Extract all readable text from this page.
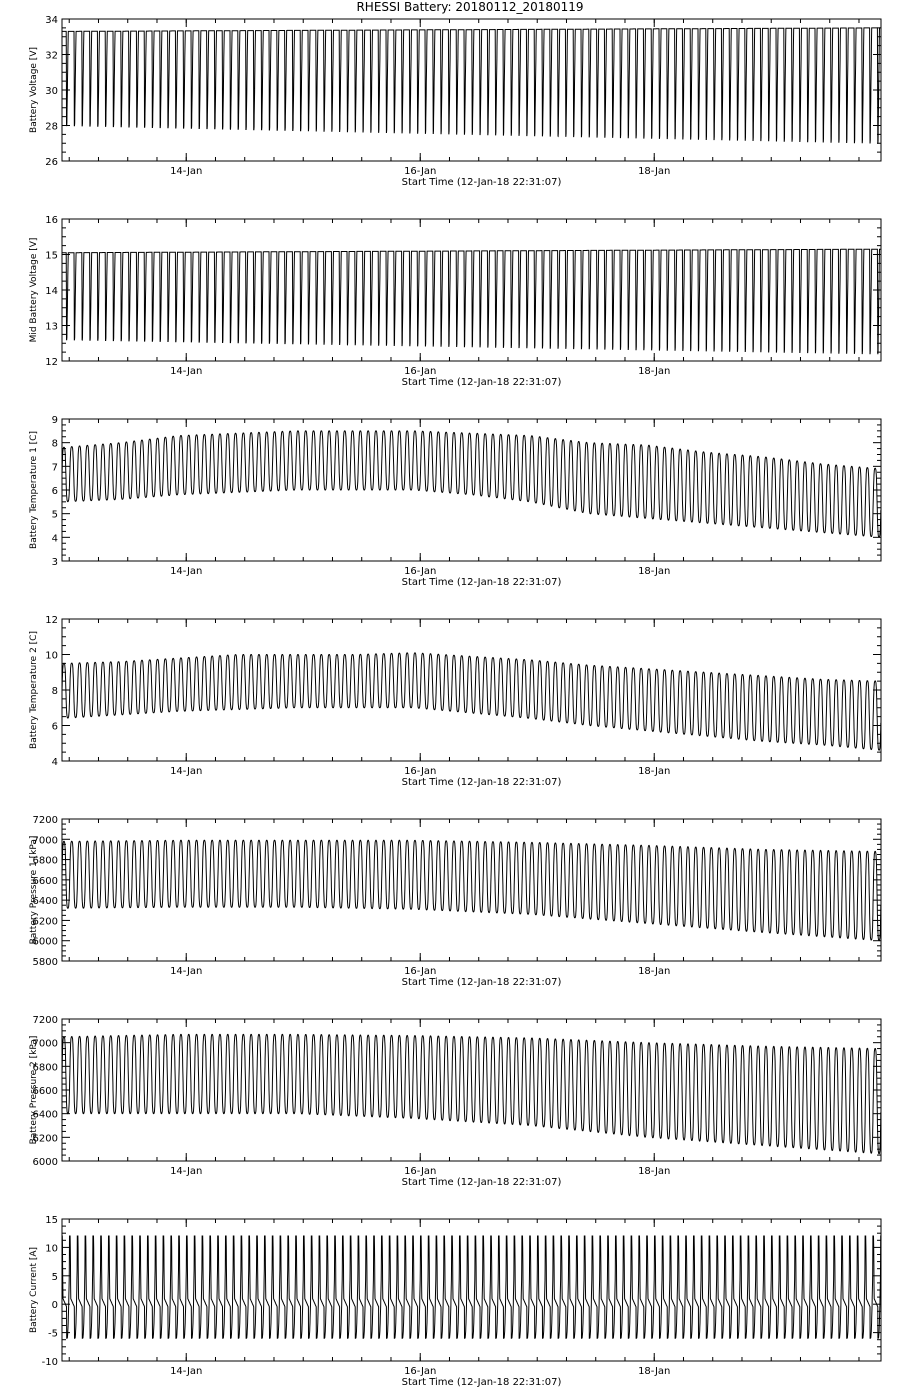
RHESSI Battery: 20180112_20180119
26
28
30
32
34
14-Jan	16-Jan	18-Jan
Start Time (12-Jan-18 22:31:07)
Battery Voltage [V]
12
13
14
15
16
14-Jan	16-Jan	18-Jan
Start Time (12-Jan-18 22:31:07)
Mid Battery Voltage [V]
3
4
5
6
7
8
9
14-Jan	16-Jan	18-Jan
Start Time (12-Jan-18 22:31:07)
Battery Temperature 1 [C]
4
6
8
10
12
14-Jan	16-Jan	18-Jan
Start Time (12-Jan-18 22:31:07)
Battery Temperature 2 [C]
5800
6000
6200
6400
6600
6800
7000
7200
14-Jan	16-Jan	18-Jan
Start Time (12-Jan-18 22:31:07)
Battery Pressure 1 [kPa]
6000
6200
6400
6600
6800
7000
7200
14-Jan	16-Jan	18-Jan
Start Time (12-Jan-18 22:31:07)
Battery Pressure 2 [kPa]
-10
-5
0
5
10
15
14-Jan	16-Jan	18-Jan
Start Time (12-Jan-18 22:31:07)
Battery Current [A]
